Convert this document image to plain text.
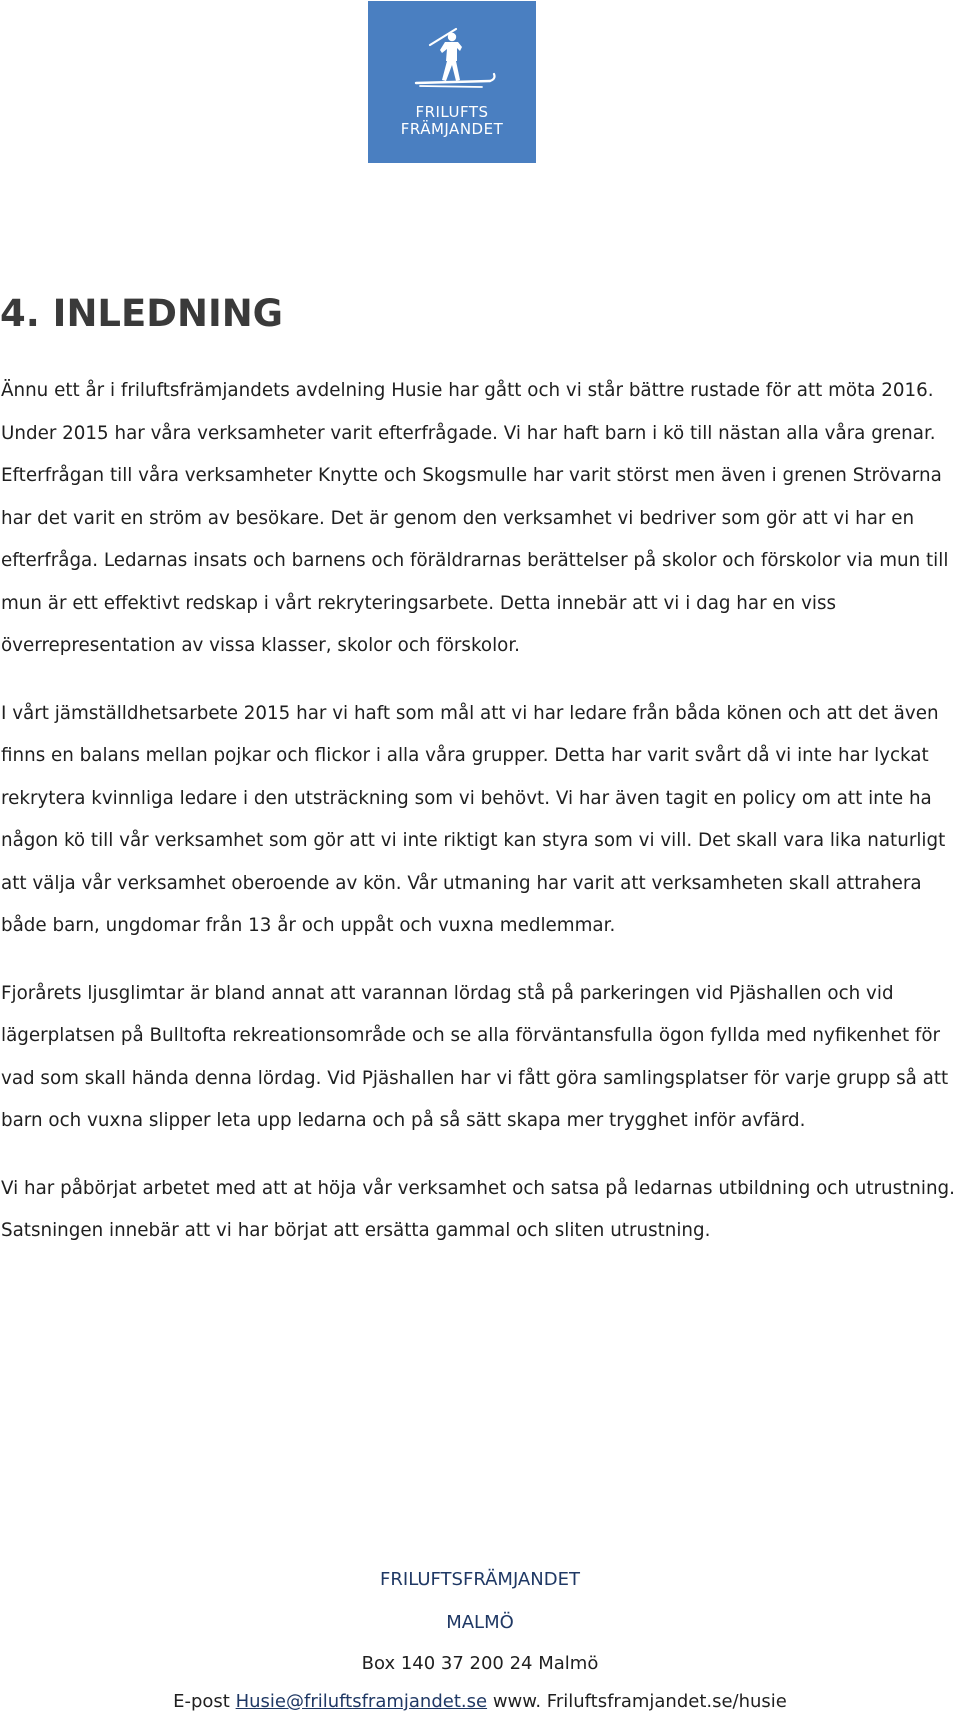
FRILUFTS
FRÄMJANDET
4. INLEDNING

Ännu ett år i friluftsfrämjandets avdelning Husie har gått och vi står bättre rustade för att möta 2016. Under 2015 har våra verksamheter varit efterfrågade. Vi har haft barn i kö till nästan alla våra grenar. Efterfrågan till våra verksamheter Knytte och Skogsmulle har varit störst men även i grenen Strövarna har det varit en ström av besökare. Det är genom den verksamhet vi bedriver som gör att vi har en efterfråga. Ledarnas insats och barnens och föräldrarnas berättelser på skolor och förskolor via mun till mun är ett effektivt redskap i vårt rekryteringsarbete. Detta innebär att vi i dag har en viss överrepresentation av vissa klasser, skolor och förskolor.

I vårt jämställdhetsarbete 2015 har vi haft som mål att vi har ledare från båda könen och att det även finns en balans mellan pojkar och flickor i alla våra grupper. Detta har varit svårt då vi inte har lyckat rekrytera kvinnliga ledare i den utsträckning som vi behövt. Vi har även tagit en policy om att inte ha någon kö till vår verksamhet som gör att vi inte riktigt kan styra som vi vill. Det skall vara lika naturligt att välja vår verksamhet oberoende av kön. Vår utmaning har varit att verksamheten skall attrahera både barn, ungdomar från 13 år och uppåt och vuxna medlemmar.

Fjorårets ljusglimtar är bland annat att varannan lördag stå på parkeringen vid Pjäshallen och vid lägerplatsen på Bulltofta rekreationsområde och se alla förväntansfulla ögon fyllda med nyfikenhet för vad som skall hända denna lördag. Vid Pjäshallen har vi fått göra samlingsplatser för varje grupp så att barn och vuxna slipper leta upp ledarna och på så sätt skapa mer trygghet inför avfärd.

Vi har påbörjat arbetet med att at höja vår verksamhet och satsa på ledarnas utbildning och utrustning. Satsningen innebär att vi har börjat att ersätta gammal och sliten utrustning.

FRILUFTSFRÄMJANDET
MALMÖ
Box 140 37 200 24 Malmö
E-post Husie@friluftsframjandet.se www. Friluftsframjandet.se/husie
